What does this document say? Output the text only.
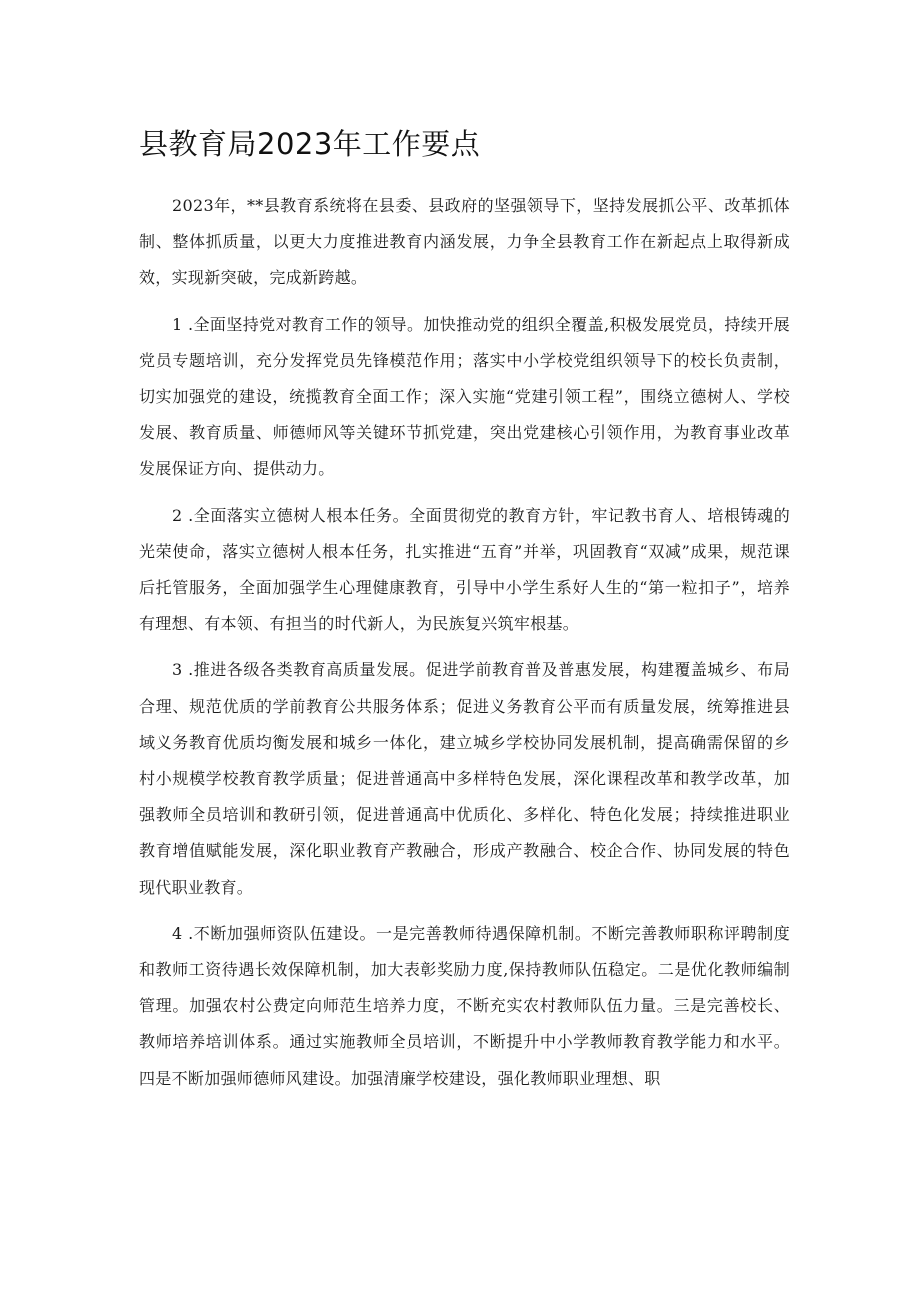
县教育局2023年工作要点

2023年，**县教育系统将在县委、县政府的坚强领导下，坚持发展抓公平、改革抓体制、整体抓质量，以更大力度推进教育内涵发展，力争全县教育工作在新起点上取得新成效，实现新突破，完成新跨越。

1 .全面坚持党对教育工作的领导。加快推动党的组织全覆盖,积极发展党员，持续开展党员专题培训，充分发挥党员先锋模范作用；落实中小学校党组织领导下的校长负责制，切实加强党的建设，统揽教育全面工作；深入实施“党建引领工程”，围绕立德树人、学校发展、教育质量、师德师风等关键环节抓党建，突出党建核心引领作用，为教育事业改革发展保证方向、提供动力。

2 .全面落实立德树人根本任务。全面贯彻党的教育方针，牢记教书育人、培根铸魂的光荣使命，落实立德树人根本任务，扎实推进“五育”并举，巩固教育“双减”成果，规范课后托管服务，全面加强学生心理健康教育，引导中小学生系好人生的“第一粒扣子”，培养有理想、有本领、有担当的时代新人，为民族复兴筑牢根基。

3 .推进各级各类教育高质量发展。促进学前教育普及普惠发展，构建覆盖城乡、布局合理、规范优质的学前教育公共服务体系；促进义务教育公平而有质量发展，统筹推进县域义务教育优质均衡发展和城乡一体化，建立城乡学校协同发展机制，提高确需保留的乡村小规模学校教育教学质量；促进普通高中多样特色发展，深化课程改革和教学改革，加强教师全员培训和教研引领，促进普通高中优质化、多样化、特色化发展；持续推进职业教育增值赋能发展，深化职业教育产教融合，形成产教融合、校企合作、协同发展的特色现代职业教育。

4 .不断加强师资队伍建设。一是完善教师待遇保障机制。不断完善教师职称评聘制度和教师工资待遇长效保障机制，加大表彰奖励力度,保持教师队伍稳定。二是优化教师编制管理。加强农村公费定向师范生培养力度，不断充实农村教师队伍力量。三是完善校长、教师培养培训体系。通过实施教师全员培训，不断提升中小学教师教育教学能力和水平。四是不断加强师德师风建设。加强清廉学校建设，强化教师职业理想、职
